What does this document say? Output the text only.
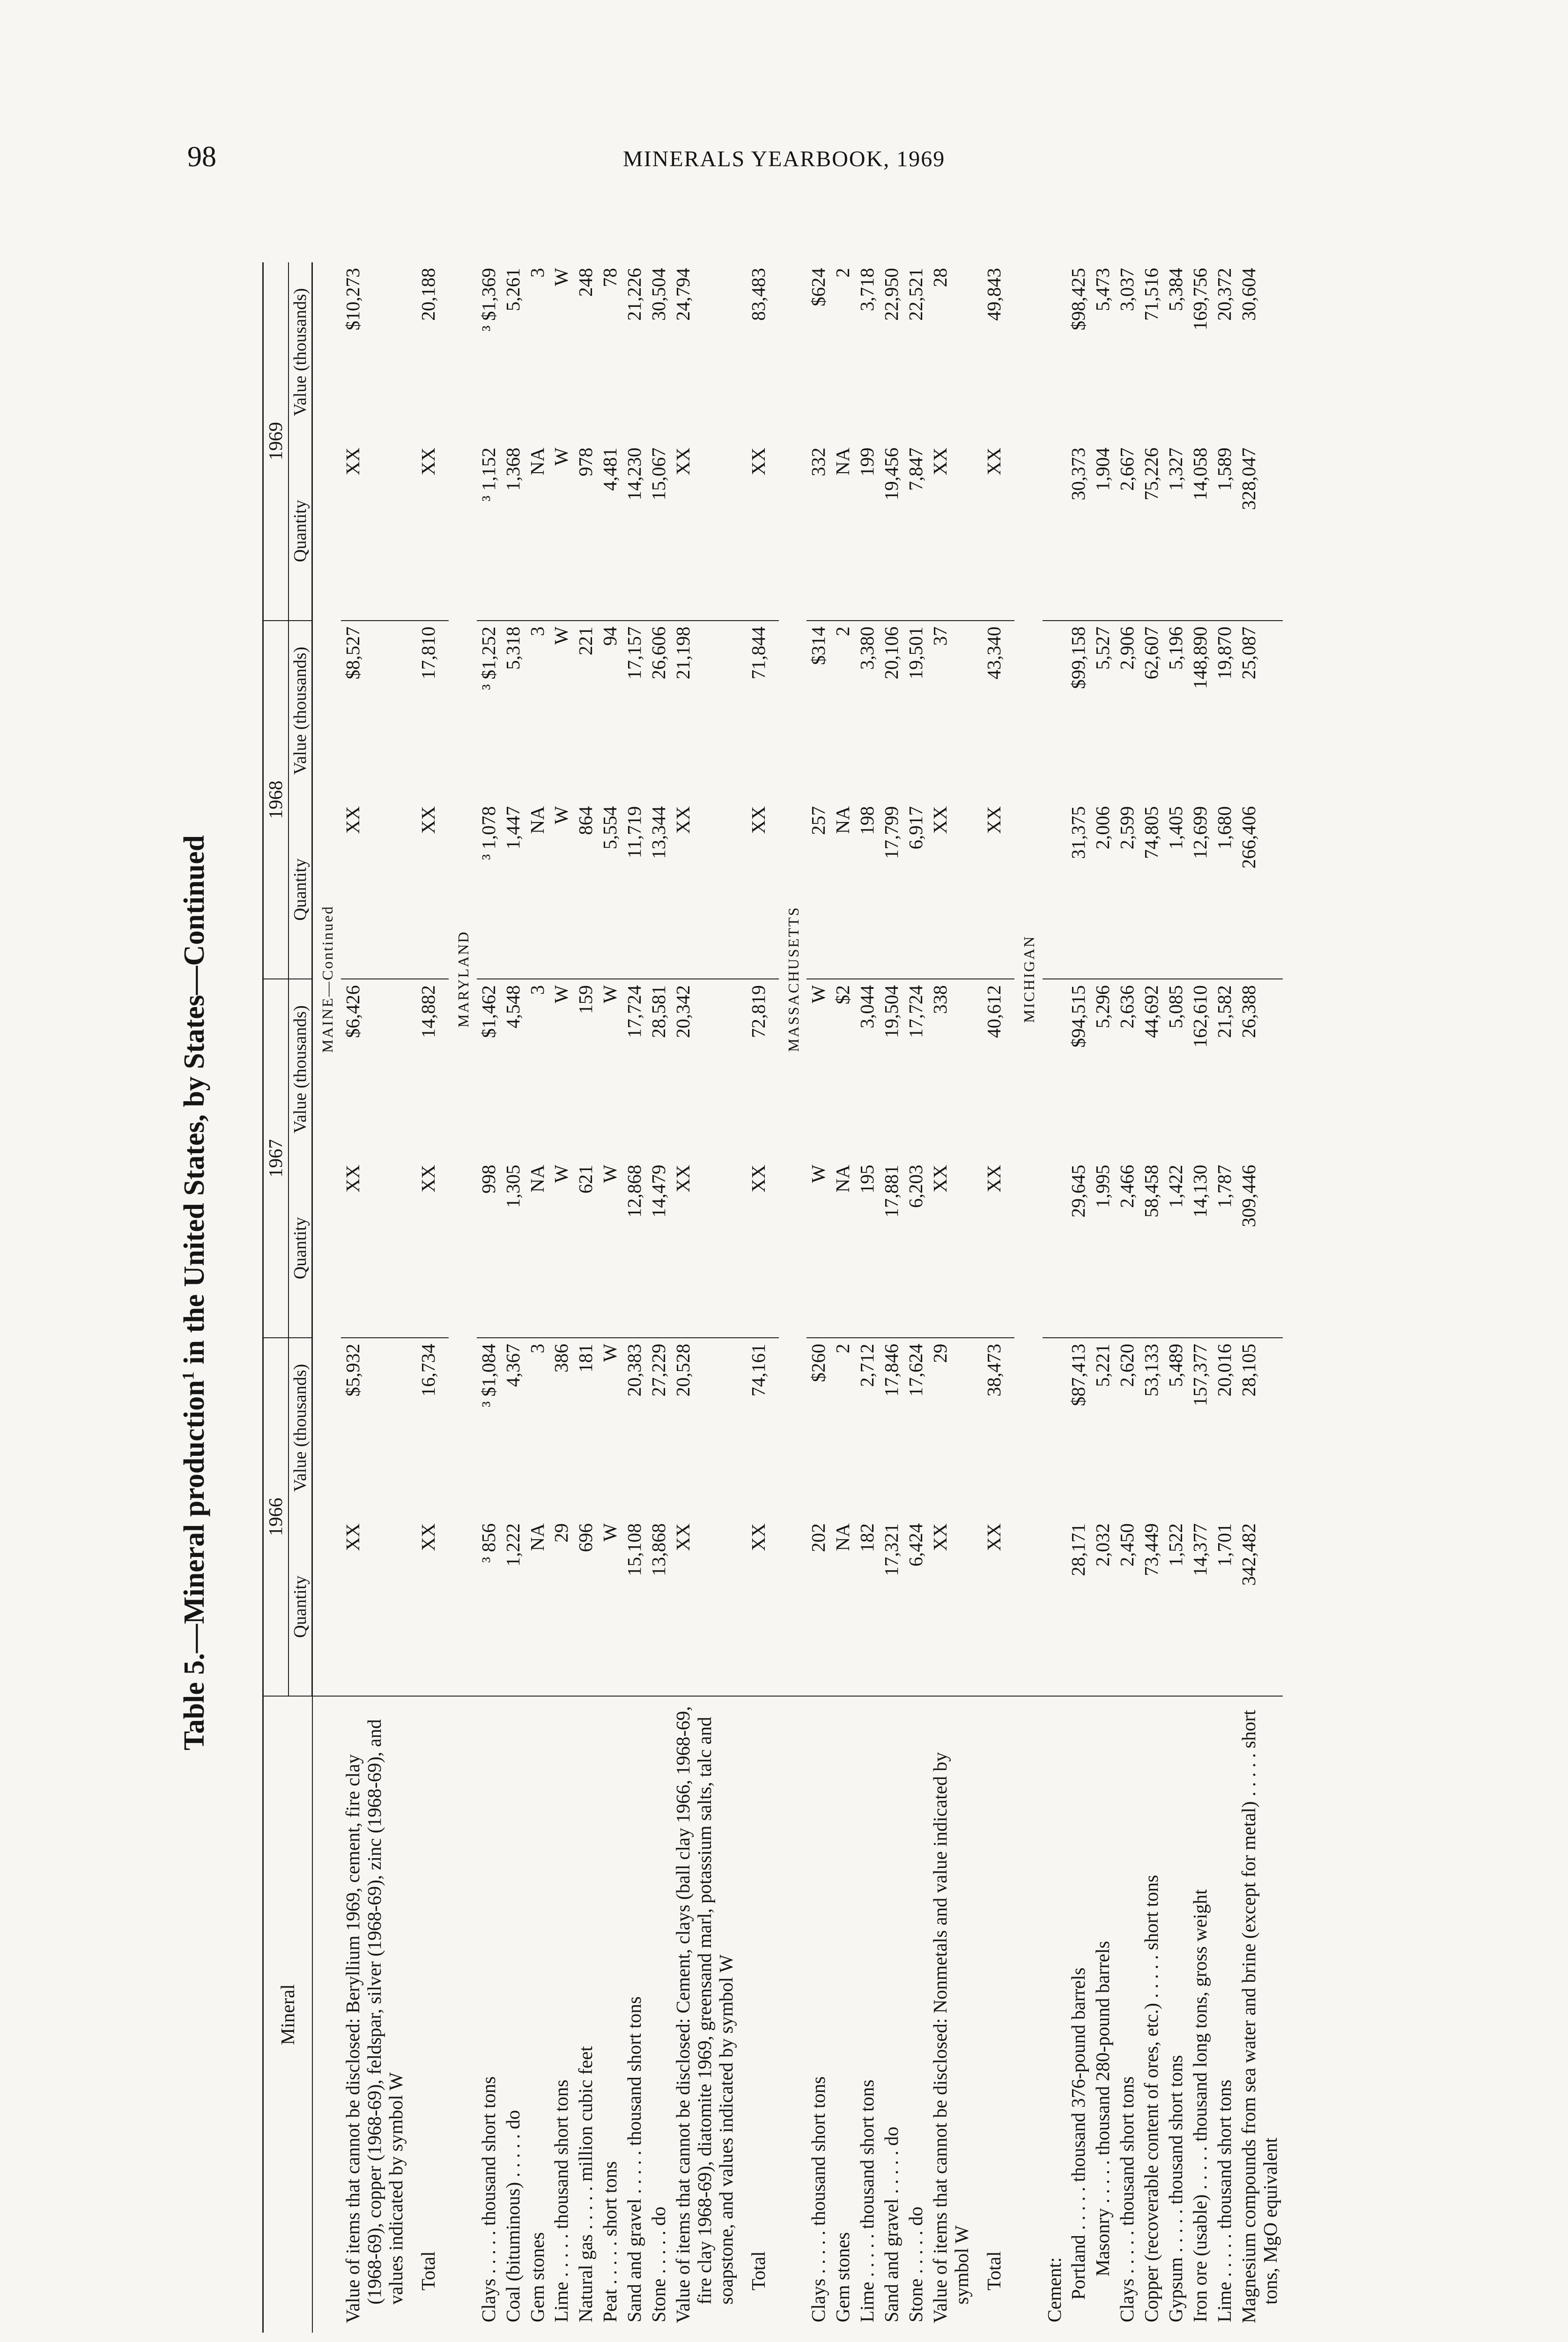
98	MINERALS YEARBOOK, 1969
Table 5.—Mineral production$^1$ in the United States, by States—Continued
Mineral	1966		1967		1968		1969	
	Quantity	Value (thousands)	Quantity	Value (thousands)	Quantity	Value (thousands)	Quantity	Value (thousands)
	MAINE—Continued							
Value of items that cannot be disclosed: Beryllium 1969, cement, fire clay (1968-69), copper (1968-69), feldspar, silver (1968-69), zinc (1968-69), and values indicated by symbol W	XX	$5,932	XX	$6,426	XX	$8,527	XX	$10,273
Total	XX	16,734	XX	14,882	XX	17,810	XX	20,188
	MARYLAND							
Clays . . . . . thousand short tons	³ 856	³ $1,084	998	$1,462	³ 1,078	³ $1,252	³ 1,152	³ $1,369
Coal (bituminous) . . . . . do	1,222	4,367	1,305	4,548	1,447	5,318	1,368	5,261
Gem stones	NA	3	NA	3	NA	3	NA	3
Lime . . . . . thousand short tons	29	386	W	W	W	W	W	W
Natural gas . . . . . million cubic feet	696	181	621	159	864	221	978	248
Peat . . . . . short tons	W	W	W	W	5,554	94	4,481	78
Sand and gravel . . . . . thousand short tons	15,108	20,383	12,868	17,724	11,719	17,157	14,230	21,226
Stone . . . . . do	13,868	27,229	14,479	28,581	13,344	26,606	15,067	30,504
Value of items that cannot be disclosed: Cement, clays (ball clay 1966, 1968-69, fire clay 1968-69), diatomite 1969, greensand marl, potassium salts, talc and soapstone, and values indicated by symbol W	XX	20,528	XX	20,342	XX	21,198	XX	24,794
Total	XX	74,161	XX	72,819	XX	71,844	XX	83,483
	MASSACHUSETTS							
Clays . . . . . thousand short tons	202	$260	W	W	257	$314	332	$624
Gem stones	NA	2	NA	$2	NA	2	NA	2
Lime . . . . . thousand short tons	182	2,712	195	3,044	198	3,380	199	3,718
Sand and gravel . . . . . do	17,321	17,846	17,881	19,504	17,799	20,106	19,456	22,950
Stone . . . . . do	6,424	17,624	6,203	17,724	6,917	19,501	7,847	22,521
Value of items that cannot be disclosed: Nonmetals and value indicated by symbol W	XX	29	XX	338	XX	37	XX	28
Total	XX	38,473	XX	40,612	XX	43,340	XX	49,843
	MICHIGAN							
Cement:								
Portland . . . . . thousand 376-pound barrels	28,171	$87,413	29,645	$94,515	31,375	$99,158	30,373	$98,425
Masonry . . . . . thousand 280-pound barrels	2,032	5,221	1,995	5,296	2,006	5,527	1,904	5,473
Clays . . . . . thousand short tons	2,450	2,620	2,466	2,636	2,599	2,906	2,667	3,037
Copper (recoverable content of ores, etc.) . . . . . short tons	73,449	53,133	58,458	44,692	74,805	62,607	75,226	71,516
Gypsum . . . . . thousand short tons	1,522	5,489	1,422	5,085	1,405	5,196	1,327	5,384
Iron ore (usable) . . . . . thousand long tons, gross weight	14,377	157,377	14,130	162,610	12,699	148,890	14,058	169,756
Lime . . . . . thousand short tons	1,701	20,016	1,787	21,582	1,680	19,870	1,589	20,372
Magnesium compounds from sea water and brine (except for metal) . . . . . short tons, MgO equivalent	342,482	28,105	309,446	26,388	266,406	25,087	328,047	30,604
